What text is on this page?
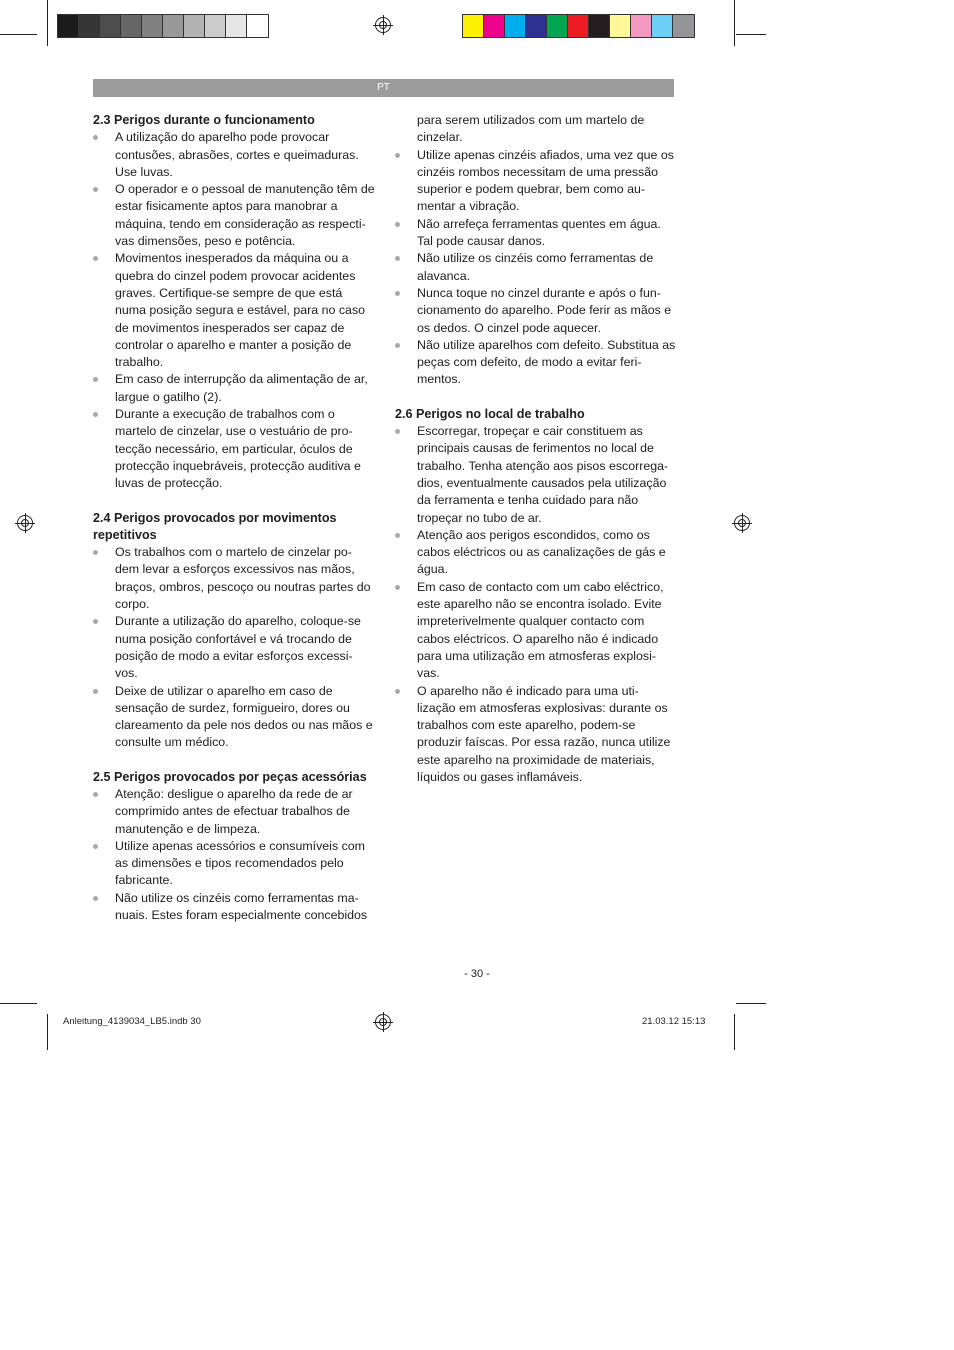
PT

2.3 Perigos durante o funcionamento

A utilização do aparelho pode provocar contusões, abrasões, cortes e queimaduras. Use luvas.
O operador e o pessoal de manutenção têm de estar fisicamente aptos para manobrar a máquina, tendo em consideração as respecti-vas dimensões, peso e potência.
Movimentos inesperados da máquina ou a quebra do cinzel podem provocar acidentes graves. Certifique-se sempre de que está numa posição segura e estável, para no caso de movimentos inesperados ser capaz de controlar o aparelho e manter a posição de trabalho.
Em caso de interrupção da alimentação de ar, largue o gatilho (2).
Durante a execução de trabalhos com o martelo de cinzelar, use o vestuário de pro-tecção necessário, em particular, óculos de protecção inquebráveis, protecção auditiva e luvas de protecção.

2.4 Perigos provocados por movimentos repetitivos

Os trabalhos com o martelo de cinzelar po-dem levar a esforços excessivos nas mãos, braços, ombros, pescoço ou noutras partes do corpo.
Durante a utilização do aparelho, coloque-se numa posição confortável e vá trocando de posição de modo a evitar esforços excessi-vos.
Deixe de utilizar o aparelho em caso de sensação de surdez, formigueiro, dores ou clareamento da pele nos dedos ou nas mãos e consulte um médico.

2.5 Perigos provocados por peças acessórias

Atenção: desligue o aparelho da rede de ar comprimido antes de efectuar trabalhos de manutenção e de limpeza.
Utilize apenas acessórios e consumíveis com as dimensões e tipos recomendados pelo fabricante.
Não utilize os cinzéis como ferramentas ma-nuais. Estes foram especialmente concebidos

para serem utilizados com um martelo de cinzelar.

Utilize apenas cinzéis afiados, uma vez que os cinzéis rombos necessitam de uma pressão superior e podem quebrar, bem como au-mentar a vibração.
Não arrefeça ferramentas quentes em água. Tal pode causar danos.
Não utilize os cinzéis como ferramentas de alavanca.
Nunca toque no cinzel durante e após o fun-cionamento do aparelho. Pode ferir as mãos e os dedos. O cinzel pode aquecer.
Não utilize aparelhos com defeito. Substitua as peças com defeito, de modo a evitar feri-mentos.

2.6 Perigos no local de trabalho

Escorregar, tropeçar e cair constituem as principais causas de ferimentos no local de trabalho. Tenha atenção aos pisos escorrega-dios, eventualmente causados pela utilização da ferramenta e tenha cuidado para não tropeçar no tubo de ar.
Atenção aos perigos escondidos, como os cabos eléctricos ou as canalizações de gás e água.
Em caso de contacto com um cabo eléctrico, este aparelho não se encontra isolado. Evite impreterivelmente qualquer contacto com cabos eléctricos. O aparelho não é indicado para uma utilização em atmosferas explosi-vas.
O aparelho não é indicado para uma uti-lização em atmosferas explosivas: durante os trabalhos com este aparelho, podem-se produzir faíscas. Por essa razão, nunca utilize este aparelho na proximidade de materiais, líquidos ou gases inflamáveis.
- 30 -
Anleitung_4139034_LB5.indb 30	21.03.12 15:13
